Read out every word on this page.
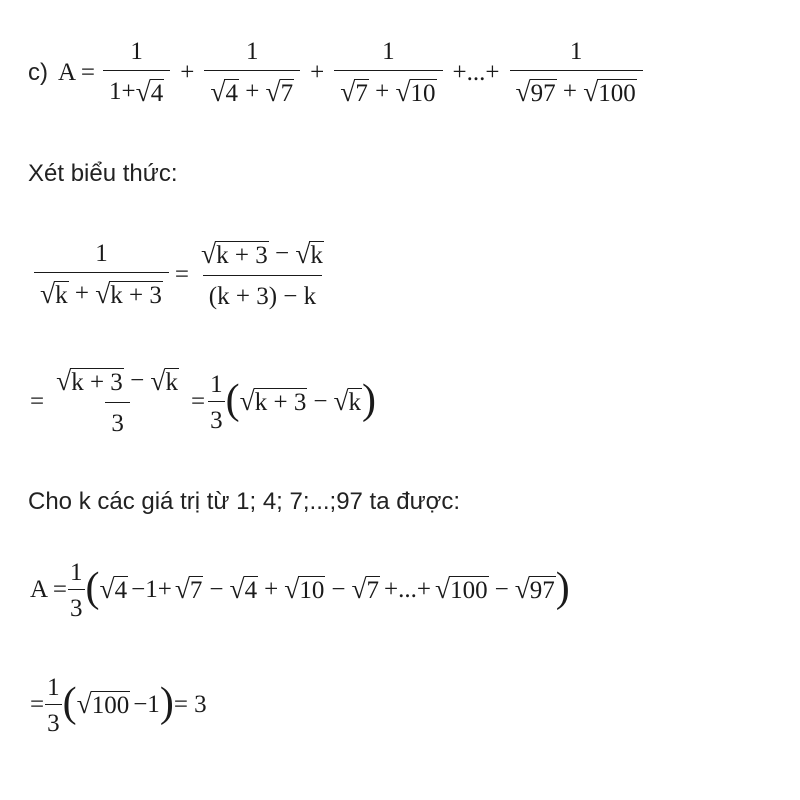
c) $A = \frac{1}{1+ √ 4} + \frac{1}{√ 4 + √ 7} + \frac{1}{√ 7 + √ 10}$ +...+ $\frac{1}{√ 97 + √ 100}$
Xét biểu thức:
$\frac{1}{√ k + √ k + 3} = \frac{√ k + 3 - √ k}{(k + 3) - k}$
= $\frac{√ k + 3 - √ k}{3} = \frac{1}{3}$ ( √ k + 3 − √ k )
Cho k các giá trị từ 1; 4; 7;...;97 ta được:
$A = \frac{1}{3}$ ( √ 4 −1+ √ 7 − √ 4 + √ 10 − √ 7 +...+ √ 100 − √ 97 )
= $\frac{1}{3}$ ( √ 100 −1 ) = 3
